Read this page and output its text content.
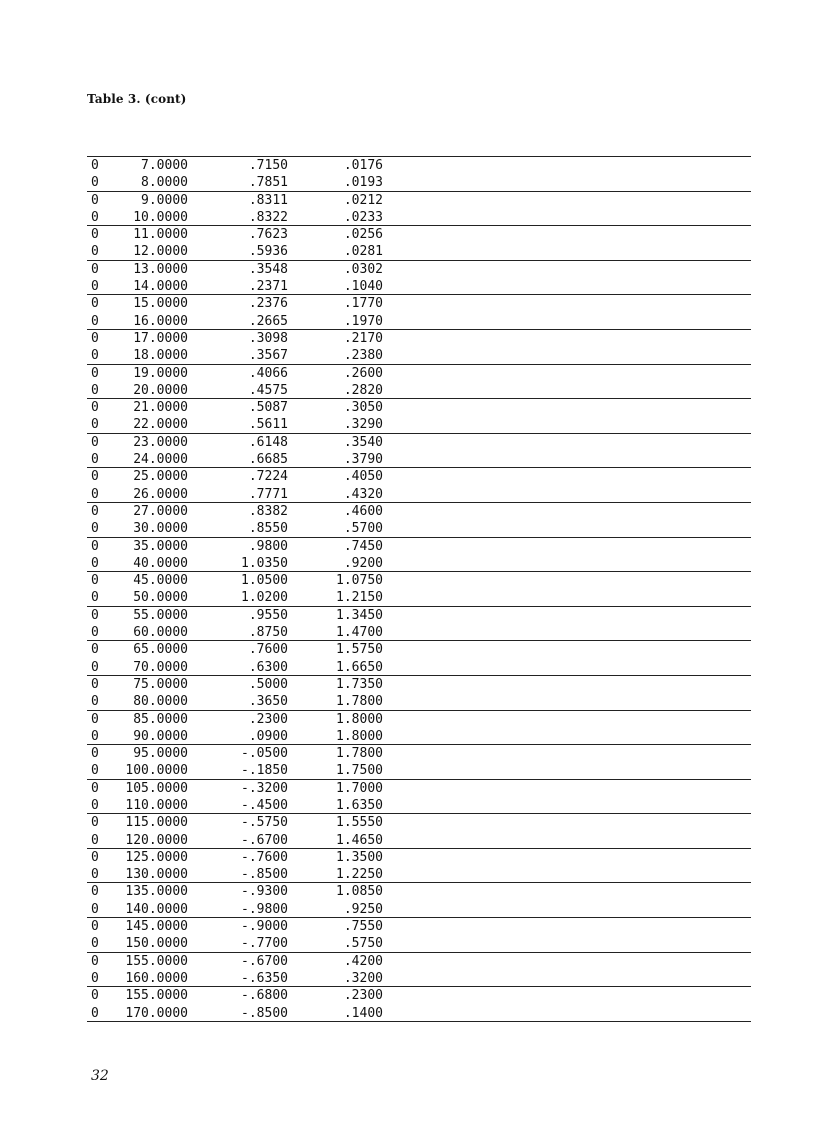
Table 3. (cont)
0	7.0000	.7150	.0176
0	8.0000	.7851	.0193
0	9.0000	.8311	.0212
0	10.0000	.8322	.0233
0	11.0000	.7623	.0256
0	12.0000	.5936	.0281
0	13.0000	.3548	.0302
0	14.0000	.2371	.1040
0	15.0000	.2376	.1770
0	16.0000	.2665	.1970
0	17.0000	.3098	.2170
0	18.0000	.3567	.2380
0	19.0000	.4066	.2600
0	20.0000	.4575	.2820
0	21.0000	.5087	.3050
0	22.0000	.5611	.3290
0	23.0000	.6148	.3540
0	24.0000	.6685	.3790
0	25.0000	.7224	.4050
0	26.0000	.7771	.4320
0	27.0000	.8382	.4600
0	30.0000	.8550	.5700
0	35.0000	.9800	.7450
0	40.0000	1.0350	.9200
0	45.0000	1.0500	1.0750
0	50.0000	1.0200	1.2150
0	55.0000	.9550	1.3450
0	60.0000	.8750	1.4700
0	65.0000	.7600	1.5750
0	70.0000	.6300	1.6650
0	75.0000	.5000	1.7350
0	80.0000	.3650	1.7800
0	85.0000	.2300	1.8000
0	90.0000	.0900	1.8000
0	95.0000	-.0500	1.7800
0 100.0000	-.1850	1.7500
0 105.0000	-.3200	1.7000
0 110.0000	-.4500	1.6350
0 115.0000	-.5750	1.5550
0 120.0000	-.6700	1.4650
0 125.0000	-.7600	1.3500
0 130.0000	-.8500	1.2250
0 135.0000	-.9300	1.0850
0 140.0000	-.9800	.9250
0 145.0000	-.9000	.7550
0 150.0000	-.7700	.5750
0 155.0000	-.6700	.4200
0 160.0000	-.6350	.3200
0 155.0000	-.6800	.2300
0 170.0000	-.8500	.1400
32
